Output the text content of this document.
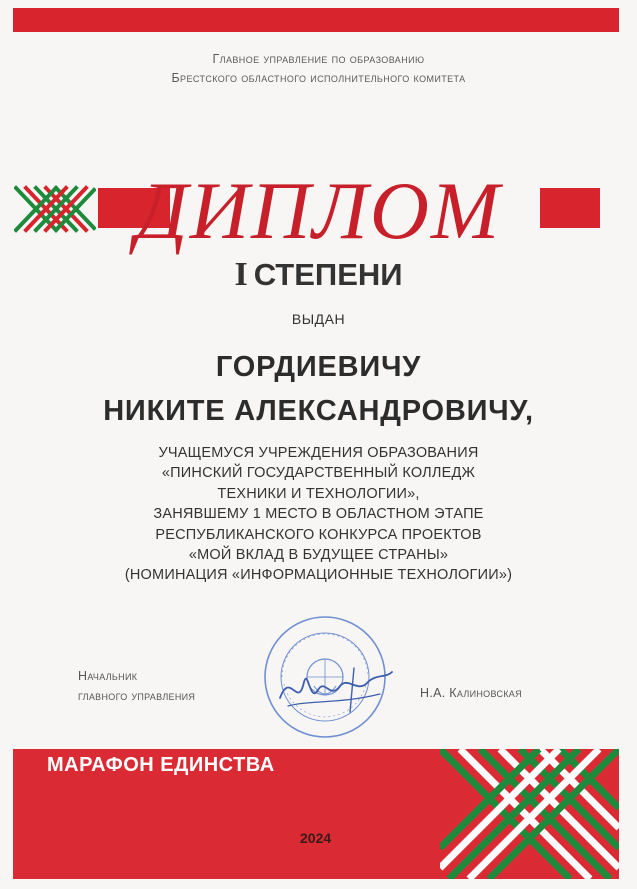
Главное управление по образованию
Брестского областного исполнительного комитета
ДИПЛОМ
I СТЕПЕНИ
ВЫДАН
ГОРДИЕВИЧУ
НИКИТЕ АЛЕКСАНДРОВИЧУ,
УЧАЩЕМУСЯ УЧРЕЖДЕНИЯ ОБРАЗОВАНИЯ
«ПИНСКИЙ ГОСУДАРСТВЕННЫЙ КОЛЛЕДЖ
ТЕХНИКИ И ТЕХНОЛОГИИ»,
ЗАНЯВШЕМУ 1 МЕСТО В ОБЛАСТНОМ ЭТАПЕ
РЕСПУБЛИКАНСКОГО КОНКУРСА ПРОЕКТОВ
«МОЙ ВКЛАД В БУДУЩЕЕ СТРАНЫ»
(НОМИНАЦИЯ «ИНФОРМАЦИОННЫЕ ТЕХНОЛОГИИ»)
Начальник
главного управления	Н.А. Калиновская
МАРАФОН ЕДИНСТВА
2024
